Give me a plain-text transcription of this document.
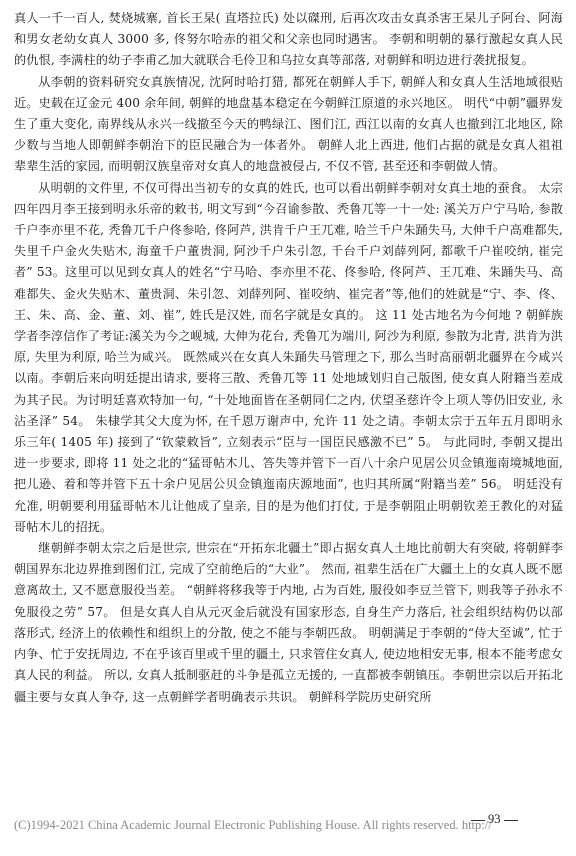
真人一千一百人, 焚烧城寨, 首长王杲( 直塔拉氏) 处以磔刑, 后再次攻击女真杀害王杲儿子阿台、阿海和男女老幼女真人 3000 多, 佟努尔哈赤的祖父和父亲也同时遇害。 李朝和明朝的暴行激起女真人民的仇恨, 李满柱的幼子李甫乙加大就联合毛伶卫和乌拉女真等部落, 对朝鲜和明边进行袭扰报复。

从李朝的资料研究女真族情况, 沈阿时哈打猎, 都死在朝鲜人手下, 朝鲜人和女真人生活地域很贴近。史载在辽金元 400 余年间, 朝鲜的地盘基本稳定在今朝鲜江原道的永兴地区。 明代“中朝”疆界发生了重大变化, 南界线从永兴一线撤至今天的鸭绿江、图们江, 西江以南的女真人也撤到江北地区, 除少数与当地人即朝鲜李朝治下的臣民融合为一体者外。 朝鲜人北上西进, 他们占据的就是女真人祖祖辈辈生活的家园, 而明朝汉族皇帝对女真人的地盘被侵占, 不仅不管, 甚至还和李朝做人情。

从明朝的文件里, 不仅可得出当初专的女真的姓氏, 也可以看出朝鲜李朝对女真土地的蚕食。 太宗四年四月李王接到明永乐帝的敕书, 明文写到“今召谕参散、秃鲁兀等一十一处: 溪关万户宁马哈, 参散千户李亦里不花, 秃鲁兀千户佟参哈, 佟阿芦, 洪肯千户王兀难, 哈兰千户朱踊失马, 大伸千户高难都失, 失里千户金火失贴木, 海童千户董贵洞, 阿沙千户朱引忽, 千台千户刘薛列阿, 都歌千户崔咬纳, 崔完者” 53。这里可以见到女真人的姓名“宁马哈、李亦里不花、佟参哈, 佟阿芦、王兀难、朱踊失马、高难都失、金火失贴木、董贵洞、朱引忽、刘薛列阿、崔咬纳、崔完者”等,他们的姓就是“宁、李、佟、王、朱、高、金、董、刘、崔”, 姓氏是汉姓, 而名字就是女真的。 这 11 处古地名为今何地 ? 朝鲜族学者李淳信作了考证:溪关为今之岘城, 大伸为花台, 秃鲁兀为端川, 阿沙为利原, 参散为北青, 洪肯为洪原, 失里为利原, 哈兰为咸兴。 既然咸兴在女真人朱踊失马管理之下, 那么当时高丽朝北疆界在今咸兴以南。李朝后来向明廷提出请求, 要将三散、秃鲁兀等 11 处地域划归自己版图, 使女真人附籍当差成为其子民。为讨明廷喜欢特加一句, “十处地面皆在圣朝同仁之内, 伏望圣慈许令上项人等仍旧安业, 永沾圣泽” 54。 朱棣学其父大度为怀, 在千恩万谢声中, 允许 11 处之请。李朝太宗于五年五月即明永乐三年( 1405 年) 接到了“钦蒙敕旨”, 立刻表示“臣与一国臣民感激不已” 5。 与此同时, 李朝又提出进一步要求, 即将 11 处之北的“猛哥帖木儿、答失等并管下一百八十余户见居公贝佥镇迤南境城地面, 把儿逊、着和等并管下五十余户见居公贝佥镇迤南庆源地面”, 也归其所属“附籍当差” 56。 明廷没有允准, 明朝要利用猛哥帖木儿让他成了皇亲, 目的是为他们打仗, 于是李朝阻止明朝钦差王教化的对猛哥帖木儿的招抚。

继朝鲜李朝太宗之后是世宗, 世宗在“开拓东北疆土”即占据女真人土地比前朝大有突破, 将朝鲜李朝国界东北边界推到图们江, 完成了空前绝后的“大业”。 然而, 祖辈生活在广大疆土上的女真人既不愿意离故土, 又不愿意服役当差。 “朝鲜将移我等于内地, 占为百姓, 服役如李豆兰管下, 则我等子孙永不免服役之劳” 57。 但是女真人自从元灭金后就没有国家形态, 自身生产力落后, 社会组织结构仍以部落形式, 经济上的依赖性和组织上的分散, 使之不能与李朝匹敌。 明朝满足于李朝的“侍大至诚”, 忙于内争、忙于安抚周边, 不在乎该百里或千里的疆土, 只求管住女真人, 使边地相安无事, 根本不能考虑女真人民的利益。 所以, 女真人抵制驱赶的斗争是孤立无援的, 一直都被李朝镇压。李朝世宗以后开拓北疆主要与女真人争夺, 这一点朝鲜学者明确表示共识。 朝鲜科学院历史研究所

93
(C)1994-2021 China Academic Journal Electronic Publishing House. All rights reserved. http://
